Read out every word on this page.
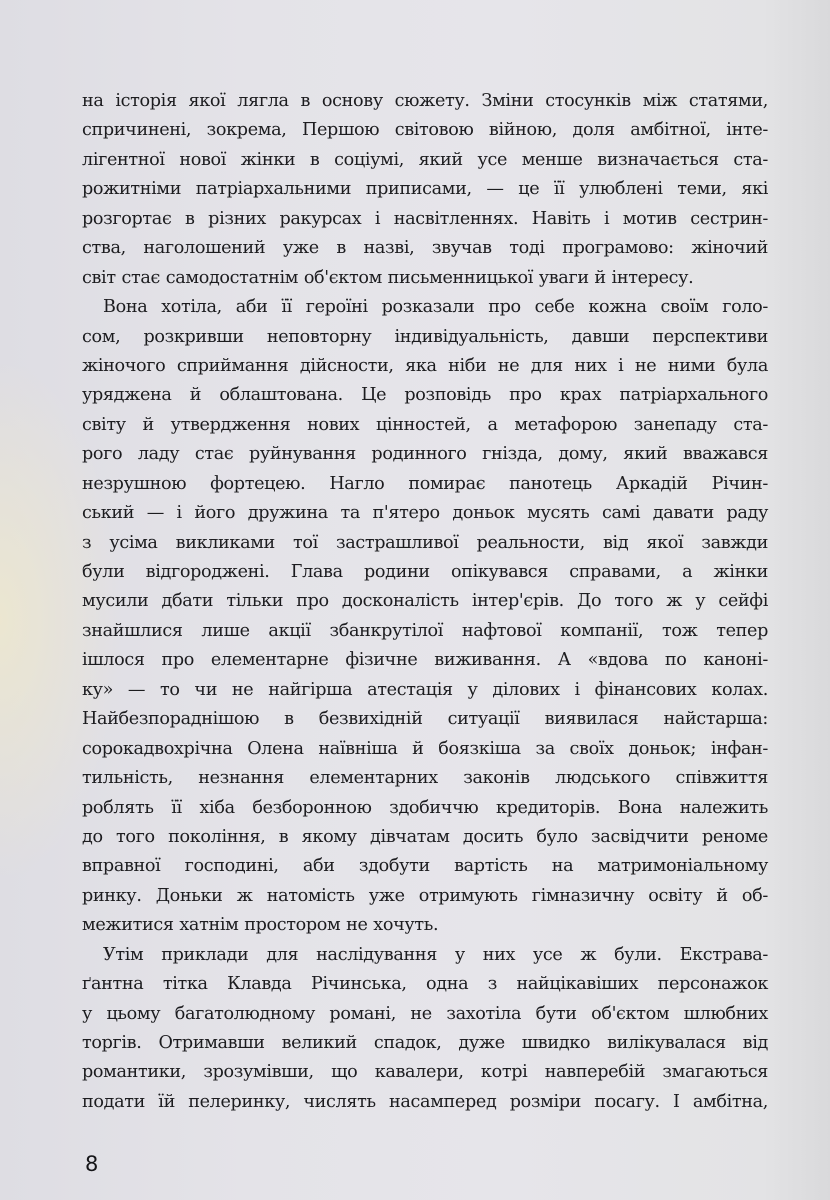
на історія якої лягла в основу сюжету. Зміни стосунків між статями,
спричинені, зокрема, Першою світовою війною, доля амбітної, інте-
лігентної нової жінки в соціумі, який усе менше визначається ста-
рожитніми патріархальними приписами, — це її улюблені теми, які
розгортає в різних ракурсах і насвітленнях. Навіть і мотив сестрин-
ства, наголошений уже в назві, звучав тоді програмово: жіночий
світ стає самодостатнім об'єктом письменницької уваги й інтересу.
Вона хотіла, аби її героїні розказали про себе кожна своїм голо-
сом, розкривши неповторну індивідуальність, давши перспективи
жіночого сприймання дійсности, яка ніби не для них і не ними була
уряджена й облаштована. Це розповідь про крах патріархального
світу й утвердження нових цінностей, а метафорою занепаду ста-
рого ладу стає руйнування родинного гнізда, дому, який вважався
незрушною фортецею. Нагло помирає панотець Аркадій Річин-
ський — і його дружина та п'ятеро доньок мусять самі давати раду
з усіма викликами тої застрашливої реальности, від якої завжди
були відгороджені. Глава родини опікувався справами, а жінки
мусили дбати тільки про досконалість інтер'єрів. До того ж у сейфі
знайшлися лише акції збанкрутілої нафтової компанії, тож тепер
ішлося про елементарне фізичне виживання. А «вдова по каноні-
ку» — то чи не найгірша атестація у ділових і фінансових колах.
Найбезпораднішою в безвихідній ситуації виявилася найстарша:
сорокадвохрічна Олена наївніша й боязкіша за своїх доньок; інфан-
тильність, незнання елементарних законів людського співжиття
роблять її хіба безборонною здобиччю кредиторів. Вона належить
до того покоління, в якому дівчатам досить було засвідчити реноме
вправної господині, аби здобути вартість на матримоніальному
ринку. Доньки ж натомість уже отримують гімназичну освіту й об-
межитися хатнім простором не хочуть.
Утім приклади для наслідування у них усе ж були. Екстрава-
ґантна тітка Клавда Річинська, одна з найцікавіших персонажок
у цьому багатолюдному романі, не захотіла бути об'єктом шлюбних
торгів. Отримавши великий спадок, дуже швидко вилікувалася від
романтики, зрозумівши, що кавалери, котрі навперебій змагаються
подати їй пелеринку, числять насамперед розміри посагу. І амбітна,
8
